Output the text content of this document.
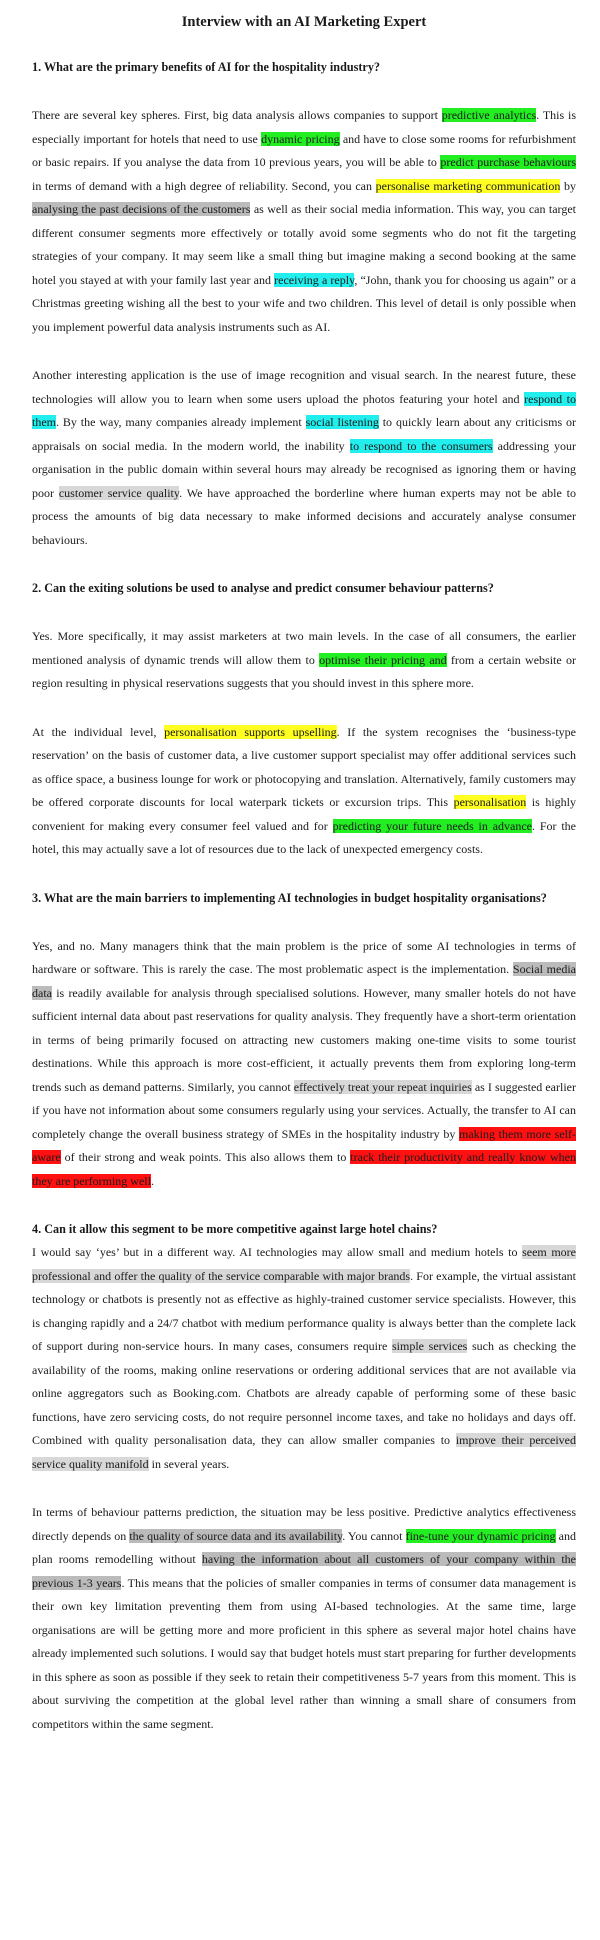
Interview with an AI Marketing Expert
1. What are the primary benefits of AI for the hospitality industry?
There are several key spheres. First, big data analysis allows companies to support predictive analytics. This is especially important for hotels that need to use dynamic pricing and have to close some rooms for refurbishment or basic repairs. If you analyse the data from 10 previous years, you will be able to predict purchase behaviours in terms of demand with a high degree of reliability. Second, you can personalise marketing communication by analysing the past decisions of the customers as well as their social media information. This way, you can target different consumer segments more effectively or totally avoid some segments who do not fit the targeting strategies of your company. It may seem like a small thing but imagine making a second booking at the same hotel you stayed at with your family last year and receiving a reply, “John, thank you for choosing us again” or a Christmas greeting wishing all the best to your wife and two children. This level of detail is only possible when you implement powerful data analysis instruments such as AI.
Another interesting application is the use of image recognition and visual search. In the nearest future, these technologies will allow you to learn when some users upload the photos featuring your hotel and respond to them. By the way, many companies already implement social listening to quickly learn about any criticisms or appraisals on social media. In the modern world, the inability to respond to the consumers addressing your organisation in the public domain within several hours may already be recognised as ignoring them or having poor customer service quality. We have approached the borderline where human experts may not be able to process the amounts of big data necessary to make informed decisions and accurately analyse consumer behaviours.
2. Can the exiting solutions be used to analyse and predict consumer behaviour patterns?
Yes. More specifically, it may assist marketers at two main levels. In the case of all consumers, the earlier mentioned analysis of dynamic trends will allow them to optimise their pricing and from a certain website or region resulting in physical reservations suggests that you should invest in this sphere more.
At the individual level, personalisation supports upselling. If the system recognises the ‘business-type reservation’ on the basis of customer data, a live customer support specialist may offer additional services such as office space, a business lounge for work or photocopying and translation. Alternatively, family customers may be offered corporate discounts for local waterpark tickets or excursion trips. This personalisation is highly convenient for making every consumer feel valued and for predicting your future needs in advance. For the hotel, this may actually save a lot of resources due to the lack of unexpected emergency costs.
3. What are the main barriers to implementing AI technologies in budget hospitality organisations?
Yes, and no. Many managers think that the main problem is the price of some AI technologies in terms of hardware or software. This is rarely the case. The most problematic aspect is the implementation. Social media data is readily available for analysis through specialised solutions. However, many smaller hotels do not have sufficient internal data about past reservations for quality analysis. They frequently have a short-term orientation in terms of being primarily focused on attracting new customers making one-time visits to some tourist destinations. While this approach is more cost-efficient, it actually prevents them from exploring long-term trends such as demand patterns. Similarly, you cannot effectively treat your repeat inquiries as I suggested earlier if you have not information about some consumers regularly using your services. Actually, the transfer to AI can completely change the overall business strategy of SMEs in the hospitality industry by making them more self-aware of their strong and weak points. This also allows them to track their productivity and really know when they are performing well.
4. Can it allow this segment to be more competitive against large hotel chains?
I would say ‘yes’ but in a different way. AI technologies may allow small and medium hotels to seem more professional and offer the quality of the service comparable with major brands. For example, the virtual assistant technology or chatbots is presently not as effective as highly-trained customer service specialists. However, this is changing rapidly and a 24/7 chatbot with medium performance quality is always better than the complete lack of support during non-service hours. In many cases, consumers require simple services such as checking the availability of the rooms, making online reservations or ordering additional services that are not available via online aggregators such as Booking.com. Chatbots are already capable of performing some of these basic functions, have zero servicing costs, do not require personnel income taxes, and take no holidays and days off. Combined with quality personalisation data, they can allow smaller companies to improve their perceived service quality manifold in several years.
In terms of behaviour patterns prediction, the situation may be less positive. Predictive analytics effectiveness directly depends on the quality of source data and its availability. You cannot fine-tune your dynamic pricing and plan rooms remodelling without having the information about all customers of your company within the previous 1-3 years. This means that the policies of smaller companies in terms of consumer data management is their own key limitation preventing them from using AI-based technologies. At the same time, large organisations are will be getting more and more proficient in this sphere as several major hotel chains have already implemented such solutions. I would say that budget hotels must start preparing for further developments in this sphere as soon as possible if they seek to retain their competitiveness 5-7 years from this moment. This is about surviving the competition at the global level rather than winning a small share of consumers from competitors within the same segment.
